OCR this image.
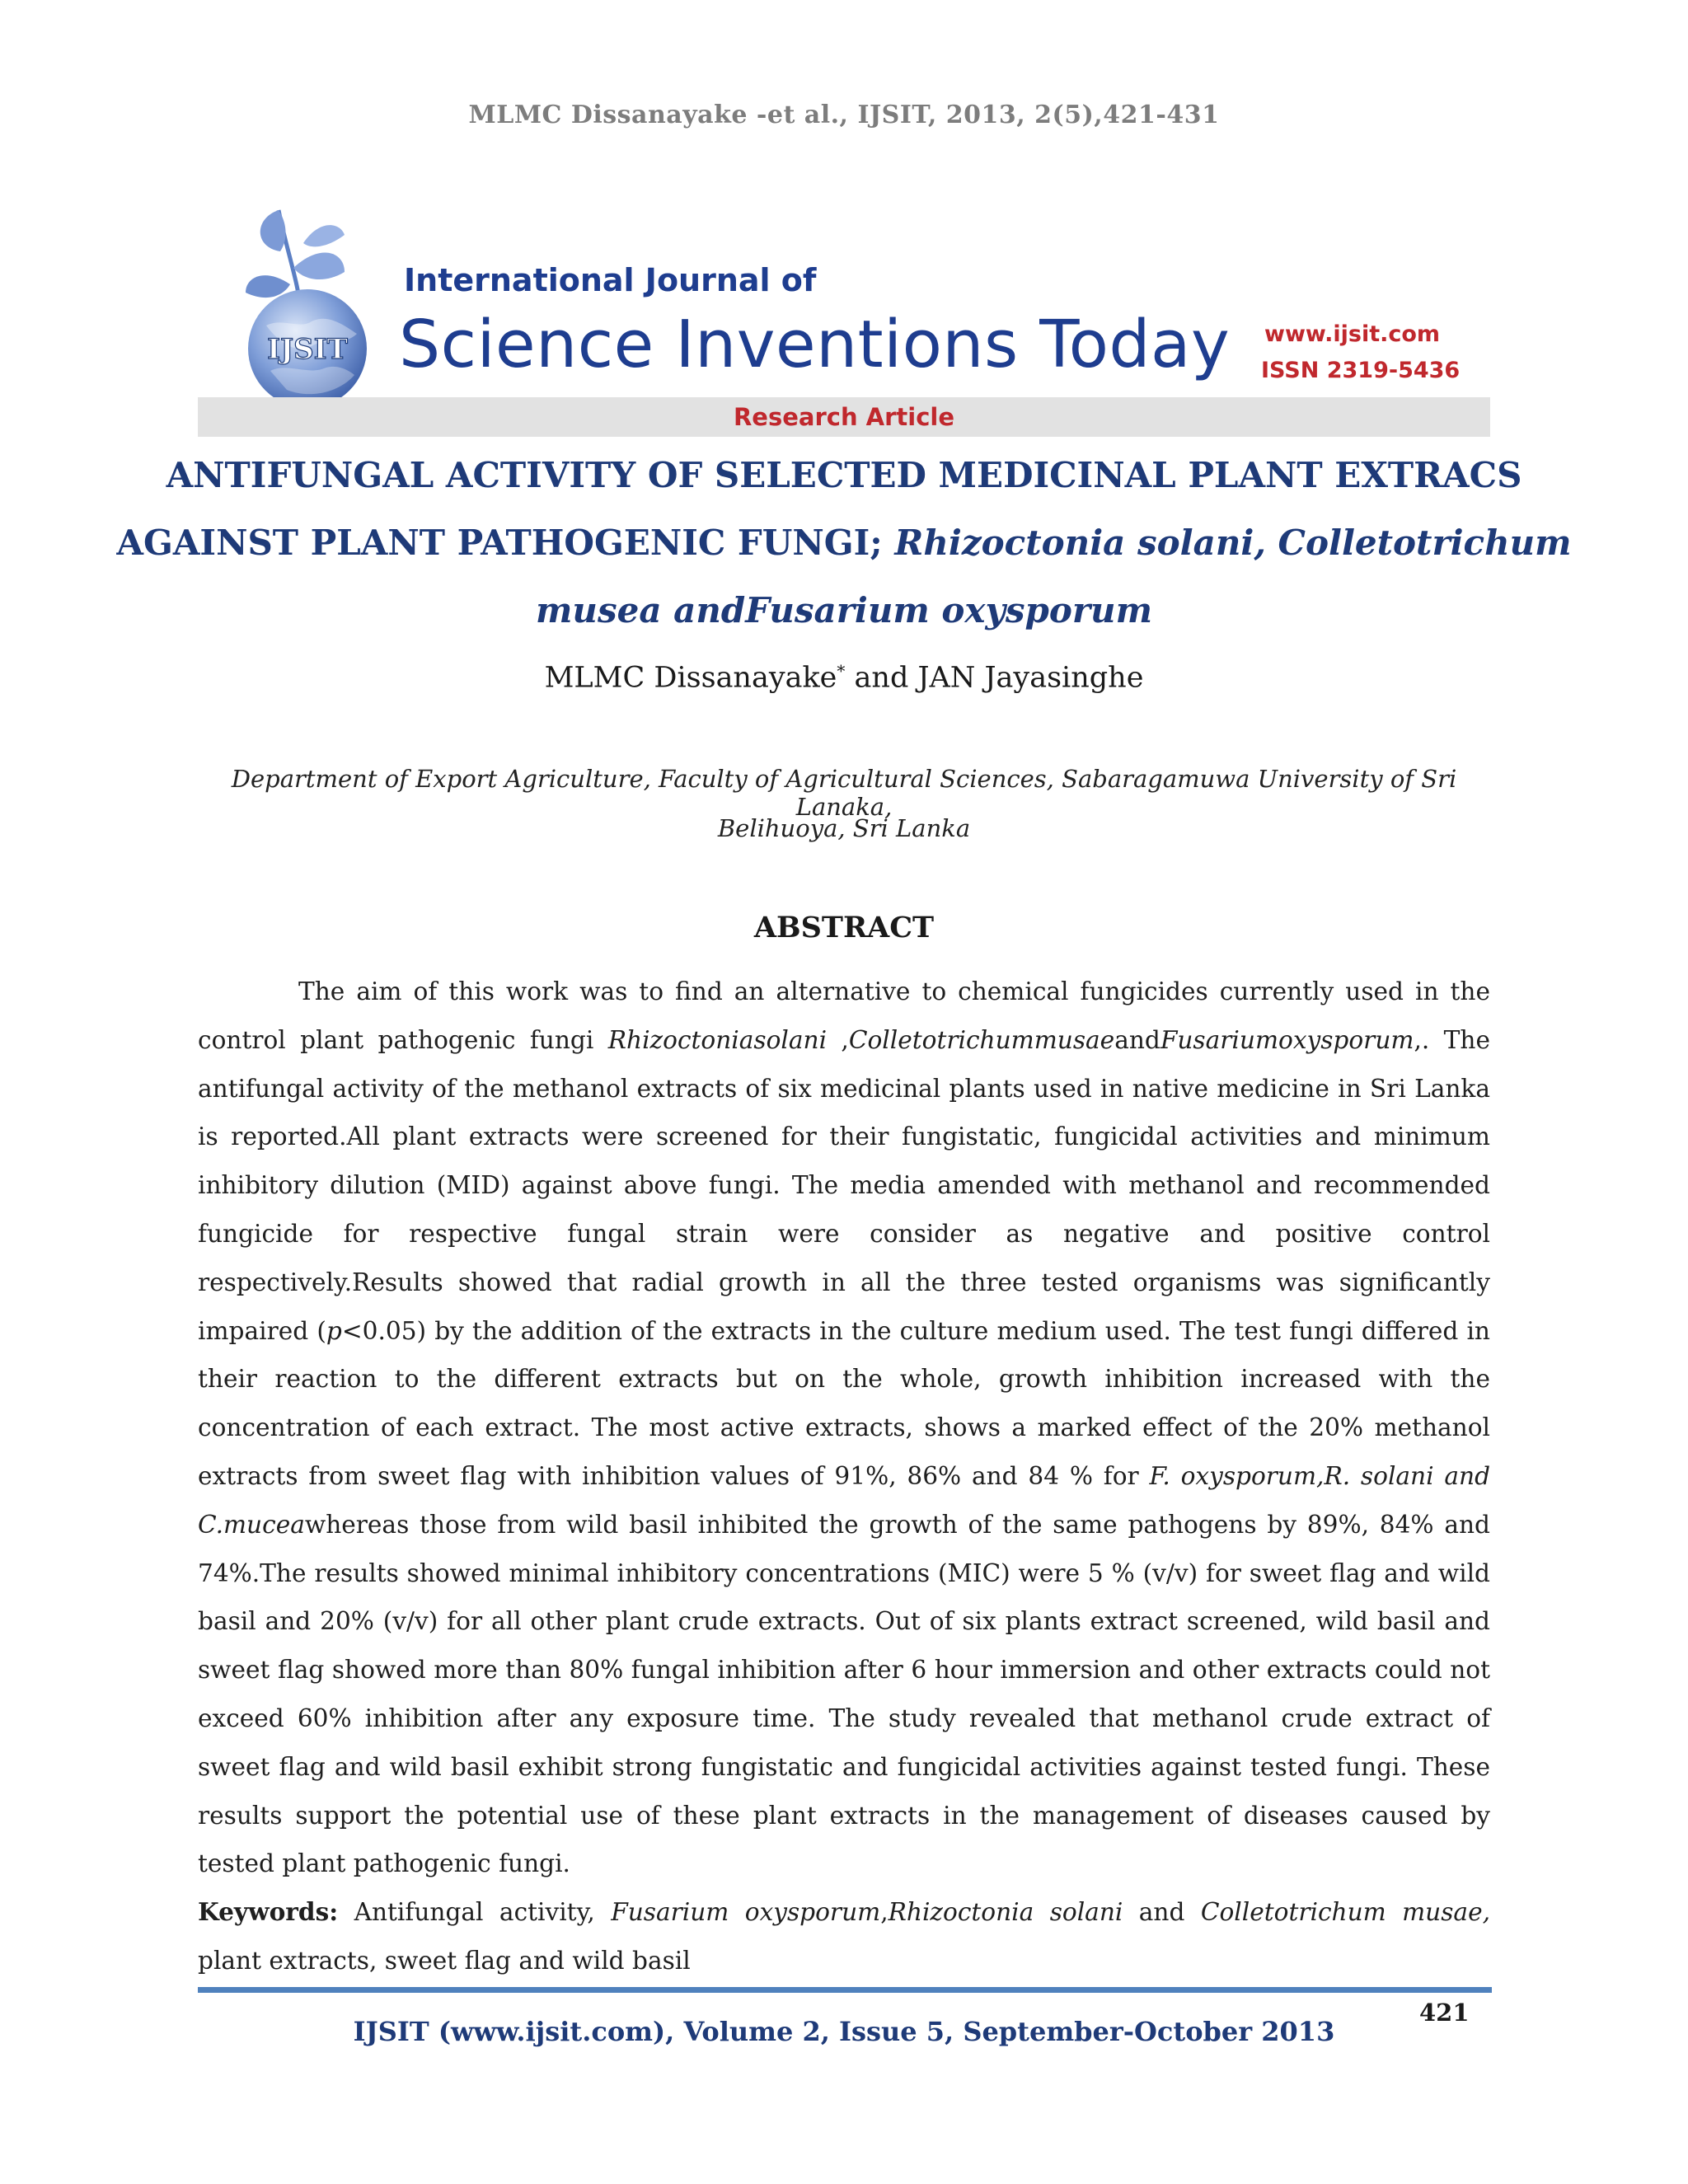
MLMC Dissanayake -et al., IJSIT, 2013, 2(5),421-431
IJSIT
International Journal of
Science Inventions Today www.ijsit.com
ISSN 2319-5436
Research Article
ANTIFUNGAL ACTIVITY OF SELECTED MEDICINAL PLANT EXTRACS
AGAINST PLANT PATHOGENIC FUNGI; Rhizoctonia solani, Colletotrichum
musea andFusarium oxysporum
MLMC Dissanayake* and JAN Jayasinghe
Department of Export Agriculture, Faculty of Agricultural Sciences, Sabaragamuwa University of Sri Lanaka,
Belihuoya, Sri Lanka
ABSTRACT

The aim of this work was to find an alternative to chemical fungicides currently used in the control plant pathogenic fungi Rhizoctoniasolani ,ColletotrichummusaeandFusariumoxysporum,. The antifungal activity of the methanol extracts of six medicinal plants used in native medicine in Sri Lanka is reported.All plant extracts were screened for their fungistatic, fungicidal activities and minimum inhibitory dilution (MID) against above fungi. The media amended with methanol and recommended fungicide for respective fungal strain were consider as negative and positive control respectively.Results showed that radial growth in all the three tested organisms was significantly impaired (p<0.05) by the addition of the extracts in the culture medium used. The test fungi differed in their reaction to the different extracts but on the whole, growth inhibition increased with the concentration of each extract. The most active extracts, shows a marked effect of the 20% methanol extracts from sweet flag with inhibition values of 91%, 86% and 84 % for F. oxysporum,R. solani and C.muceawhereas those from wild basil inhibited the growth of the same pathogens by 89%, 84% and 74%.The results showed minimal inhibitory concentrations (MIC) were 5 % (v/v) for sweet flag and wild basil and 20% (v/v) for all other plant crude extracts. Out of six plants extract screened, wild basil and sweet flag showed more than 80% fungal inhibition after 6 hour immersion and other extracts could not exceed 60% inhibition after any exposure time. The study revealed that methanol crude extract of sweet flag and wild basil exhibit strong fungistatic and fungicidal activities against tested fungi. These results support the potential use of these plant extracts in the management of diseases caused by tested plant pathogenic fungi.

Keywords: Antifungal activity, Fusarium oxysporum,Rhizoctonia solani and Colletotrichum musae, plant extracts, sweet flag and wild basil

421
IJSIT (www.ijsit.com), Volume 2, Issue 5, September-October 2013
